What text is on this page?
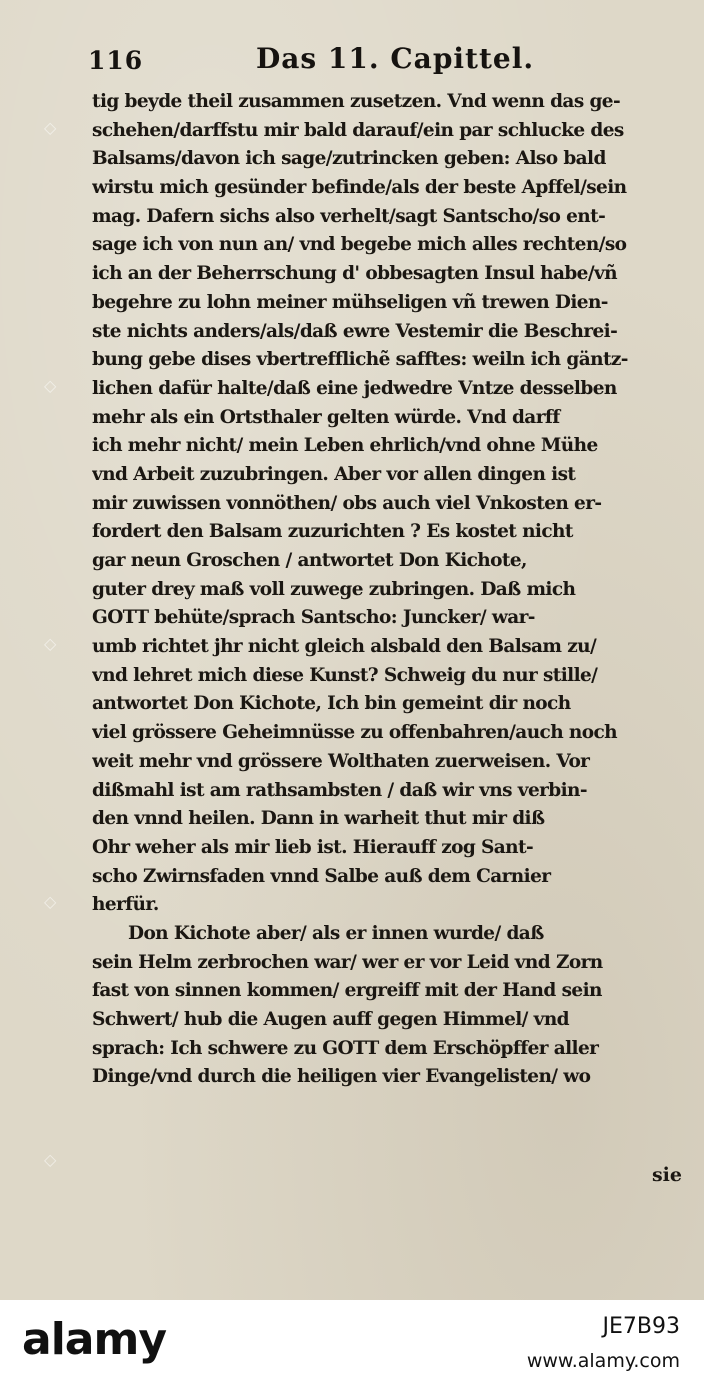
116	Das 11. Capittel.
tig beyde theil zusammen zusetzen. Vnd wenn das ge-
schehen/darffstu mir bald darauf/ein par schlucke des
Balsams/davon ich sage/zutrincken geben: Also bald
wirstu mich gesünder befinde/als der beste Apffel/sein
mag. Dafern sichs also verhelt/sagt Santscho/so ent-
sage ich von nun an/ vnd begebe mich alles rechten/so
ich an der Beherrschung d' obbesagten Insul habe/vñ
begehre zu lohn meiner mühseligen vñ trewen Dien-
ste nichts anders/als/daß ewre Vestemir die Beschrei-
bung gebe dises vbertrefflichẽ safftes: weiln ich gäntz-
lichen dafür halte/daß eine jedwedre Vntze desselben
mehr als ein Ortsthaler gelten würde. Vnd darff
ich mehr nicht/ mein Leben ehrlich/vnd ohne Mühe
vnd Arbeit zuzubringen. Aber vor allen dingen ist
mir zuwissen vonnöthen/ obs auch viel Vnkosten er-
fordert den Balsam zuzurichten ? Es kostet nicht
gar neun Groschen / antwortet Don Kichote,
guter drey maß voll zuwege zubringen. Daß mich
GOTT behüte/sprach Santscho: Juncker/ war-
umb richtet jhr nicht gleich alsbald den Balsam zu/
vnd lehret mich diese Kunst? Schweig du nur stille/
antwortet Don Kichote, Ich bin gemeint dir noch
viel grössere Geheimnüsse zu offenbahren/auch noch
weit mehr vnd grössere Wolthaten zuerweisen. Vor
dißmahl ist am rathsambsten / daß wir vns verbin-
den vnnd heilen. Dann in warheit thut mir diß
Ohr weher als mir lieb ist. Hierauff zog Sant-
scho Zwirnsfaden vnnd Salbe auß dem Carnier
herfür.
Don Kichote aber/ als er innen wurde/ daß
sein Helm zerbrochen war/ wer er vor Leid vnd Zorn
fast von sinnen kommen/ ergreiff mit der Hand sein
Schwert/ hub die Augen auff gegen Himmel/ vnd
sprach: Ich schwere zu GOTT dem Erschöpffer aller
Dinge/vnd durch die heiligen vier Evangelisten/ wo
sie
◇
◇
◇
◇
◇
alamy	JE7B93
www.alamy.com
